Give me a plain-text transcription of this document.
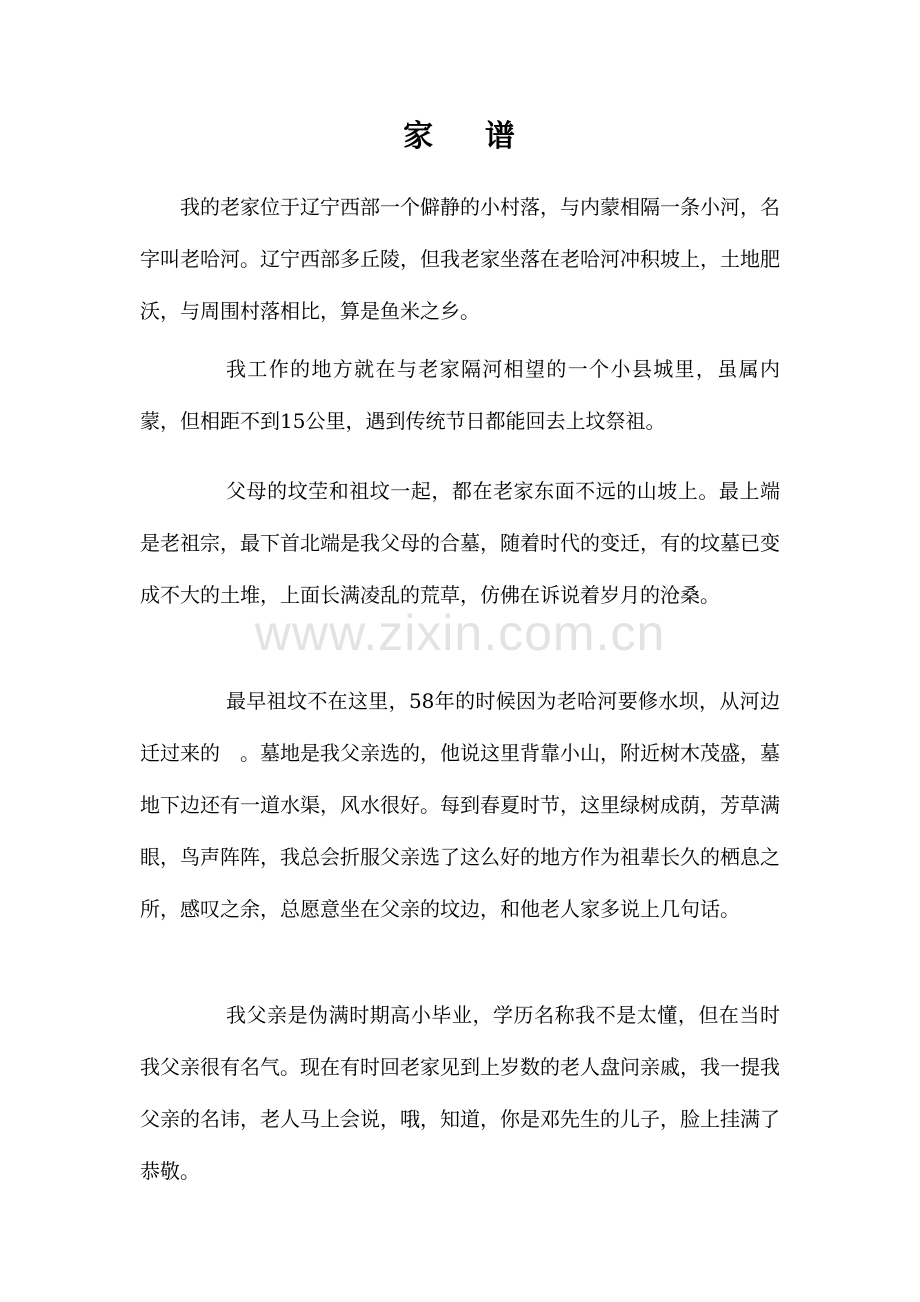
家    谱

我的老家位于辽宁西部一个僻静的小村落，与内蒙相隔一条小河，名字叫老哈河。辽宁西部多丘陵，但我老家坐落在老哈河冲积坡上，土地肥沃，与周围村落相比，算是鱼米之乡。

我工作的地方就在与老家隔河相望的一个小县城里，虽属内蒙，但相距不到15公里，遇到传统节日都能回去上坟祭祖。

父母的坟茔和祖坟一起，都在老家东面不远的山坡上。最上端是老祖宗，最下首北端是我父母的合墓，随着时代的变迁，有的坟墓已变成不大的土堆，上面长满凌乱的荒草，仿佛在诉说着岁月的沧桑。

最早祖坟不在这里，58年的时候因为老哈河要修水坝，从河边迁过来的　。墓地是我父亲选的，他说这里背靠小山，附近树木茂盛，墓地下边还有一道水渠，风水很好。每到春夏时节，这里绿树成荫，芳草满眼，鸟声阵阵，我总会折服父亲选了这么好的地方作为祖辈长久的栖息之所，感叹之余，总愿意坐在父亲的坟边，和他老人家多说上几句话。

我父亲是伪满时期高小毕业，学历名称我不是太懂，但在当时我父亲很有名气。现在有时回老家见到上岁数的老人盘问亲戚，我一提我父亲的名讳，老人马上会说，哦，知道，你是邓先生的儿子，脸上挂满了恭敬。

www.zixin.com.cn
